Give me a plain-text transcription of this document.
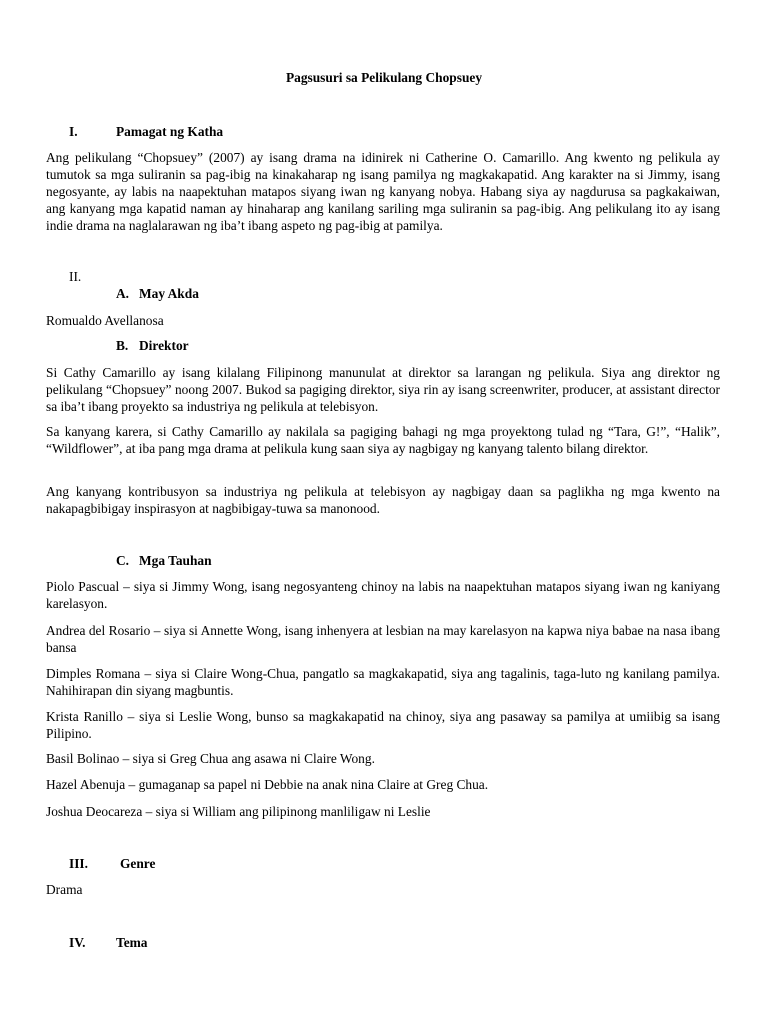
Pagsusuri sa Pelikulang Chopsuey
I.	Pamagat ng Katha

Ang pelikulang “Chopsuey” (2007) ay isang drama na idinirek ni Catherine O. Camarillo. Ang kwento ng pelikula ay tumutok sa mga suliranin sa pag-ibig na kinakaharap ng isang pamilya ng magkakapatid. Ang karakter na si Jimmy, isang negosyante, ay labis na naapektuhan matapos siyang iwan ng kanyang nobya. Habang siya ay nagdurusa sa pagkakaiwan, ang kanyang mga kapatid naman ay hinaharap ang kanilang sariling mga suliranin sa pag-ibig. Ang pelikulang ito ay isang indie drama na naglalarawan ng iba’t ibang aspeto ng pag-ibig at pamilya.

II.
A. May Akda
Romualdo Avellanosa
B. Direktor

Si Cathy Camarillo ay isang kilalang Filipinong manunulat at direktor sa larangan ng pelikula. Siya ang direktor ng pelikulang “Chopsuey” noong 2007. Bukod sa pagiging direktor, siya rin ay isang screenwriter, producer, at assistant director sa iba’t ibang proyekto sa industriya ng pelikula at telebisyon.

Sa kanyang karera, si Cathy Camarillo ay nakilala sa pagiging bahagi ng mga proyektong tulad ng “Tara, G!”, “Halik”, “Wildflower”, at iba pang mga drama at pelikula kung saan siya ay nagbigay ng kanyang talento bilang direktor.

Ang kanyang kontribusyon sa industriya ng pelikula at telebisyon ay nagbigay daan sa paglikha ng mga kwento na nakapagbibigay inspirasyon at nagbibigay-tuwa sa manonood.

C. Mga Tauhan

Piolo Pascual – siya si Jimmy Wong, isang negosyanteng chinoy na labis na naapektuhan matapos siyang iwan ng kaniyang karelasyon.

Andrea del Rosario – siya si Annette Wong, isang inhenyera at lesbian na may karelasyon na kapwa niya babae na nasa ibang bansa

Dimples Romana – siya si Claire Wong-Chua, pangatlo sa magkakapatid, siya ang tagalinis, taga-luto ng kanilang pamilya. Nahihirapan din siyang magbuntis.

Krista Ranillo – siya si Leslie Wong, bunso sa magkakapatid na chinoy, siya ang pasaway sa pamilya at umiibig sa isang Pilipino.

Basil Bolinao – siya si Greg Chua ang asawa ni Claire Wong.

Hazel Abenuja – gumaganap sa papel ni Debbie na anak nina Claire at Greg Chua.

Joshua Deocareza – siya si William ang pilipinong manliligaw ni Leslie

III. Genre
Drama
IV. Tema
